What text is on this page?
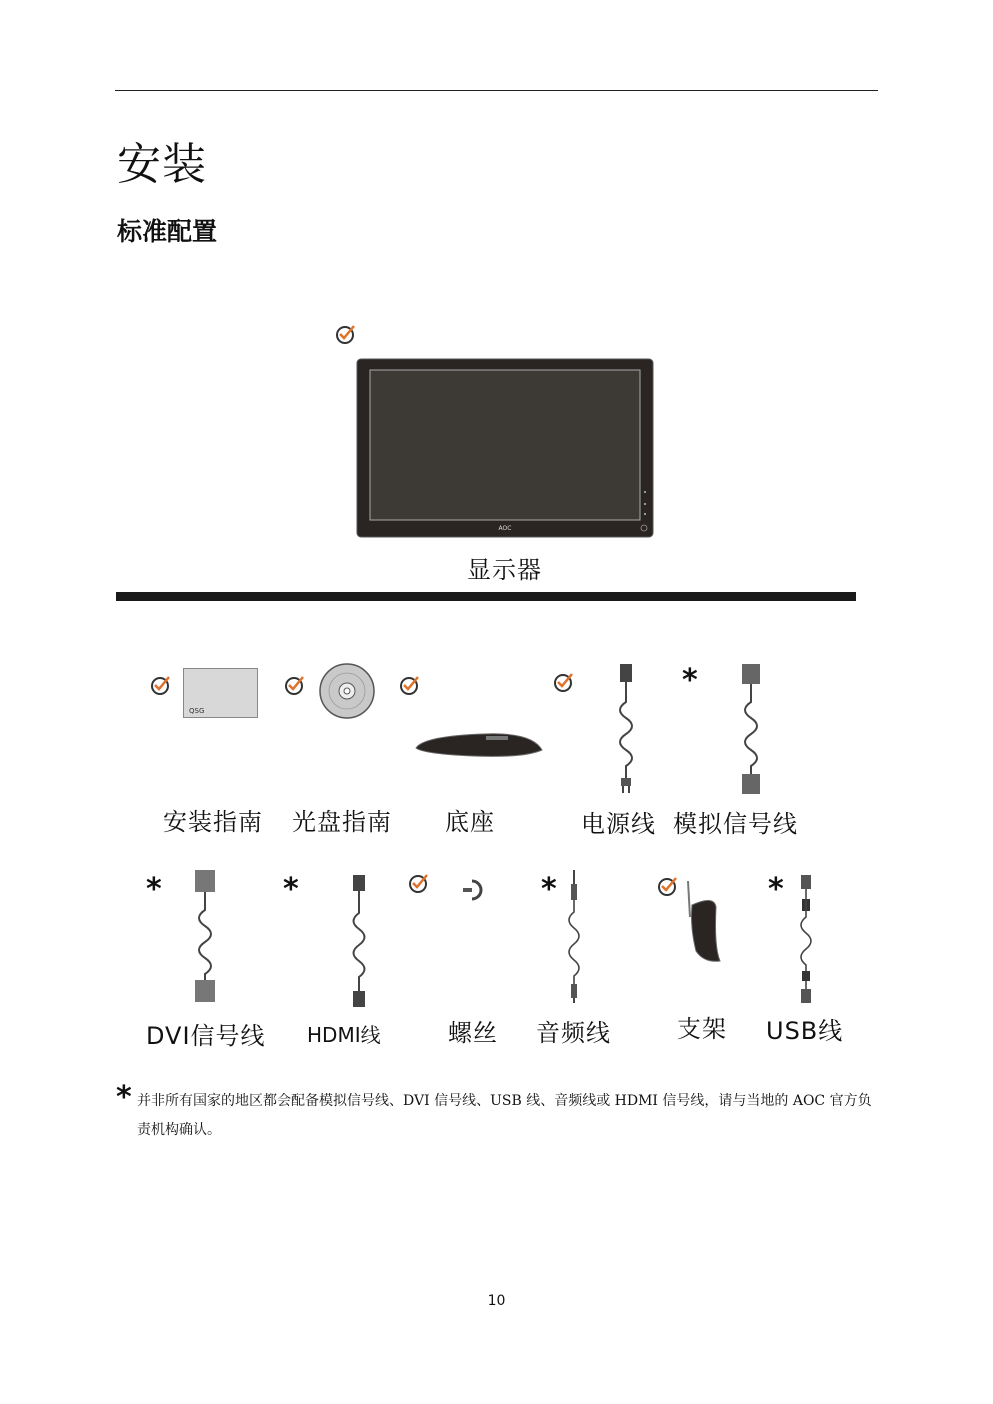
安装
标准配置
AOC
显示器
QSG
安装指南 光盘指南 底座	电源线
*
模拟信号线
*
DVI信号线
*
HDMI线	螺丝
*
音频线	支架
*
USB线
* 并非所有国家的地区都会配备模拟信号线、DVI 信号线、USB 线、音频线或 HDMI 信号线，请与当地的 AOC 官方负责机构确认。
10
